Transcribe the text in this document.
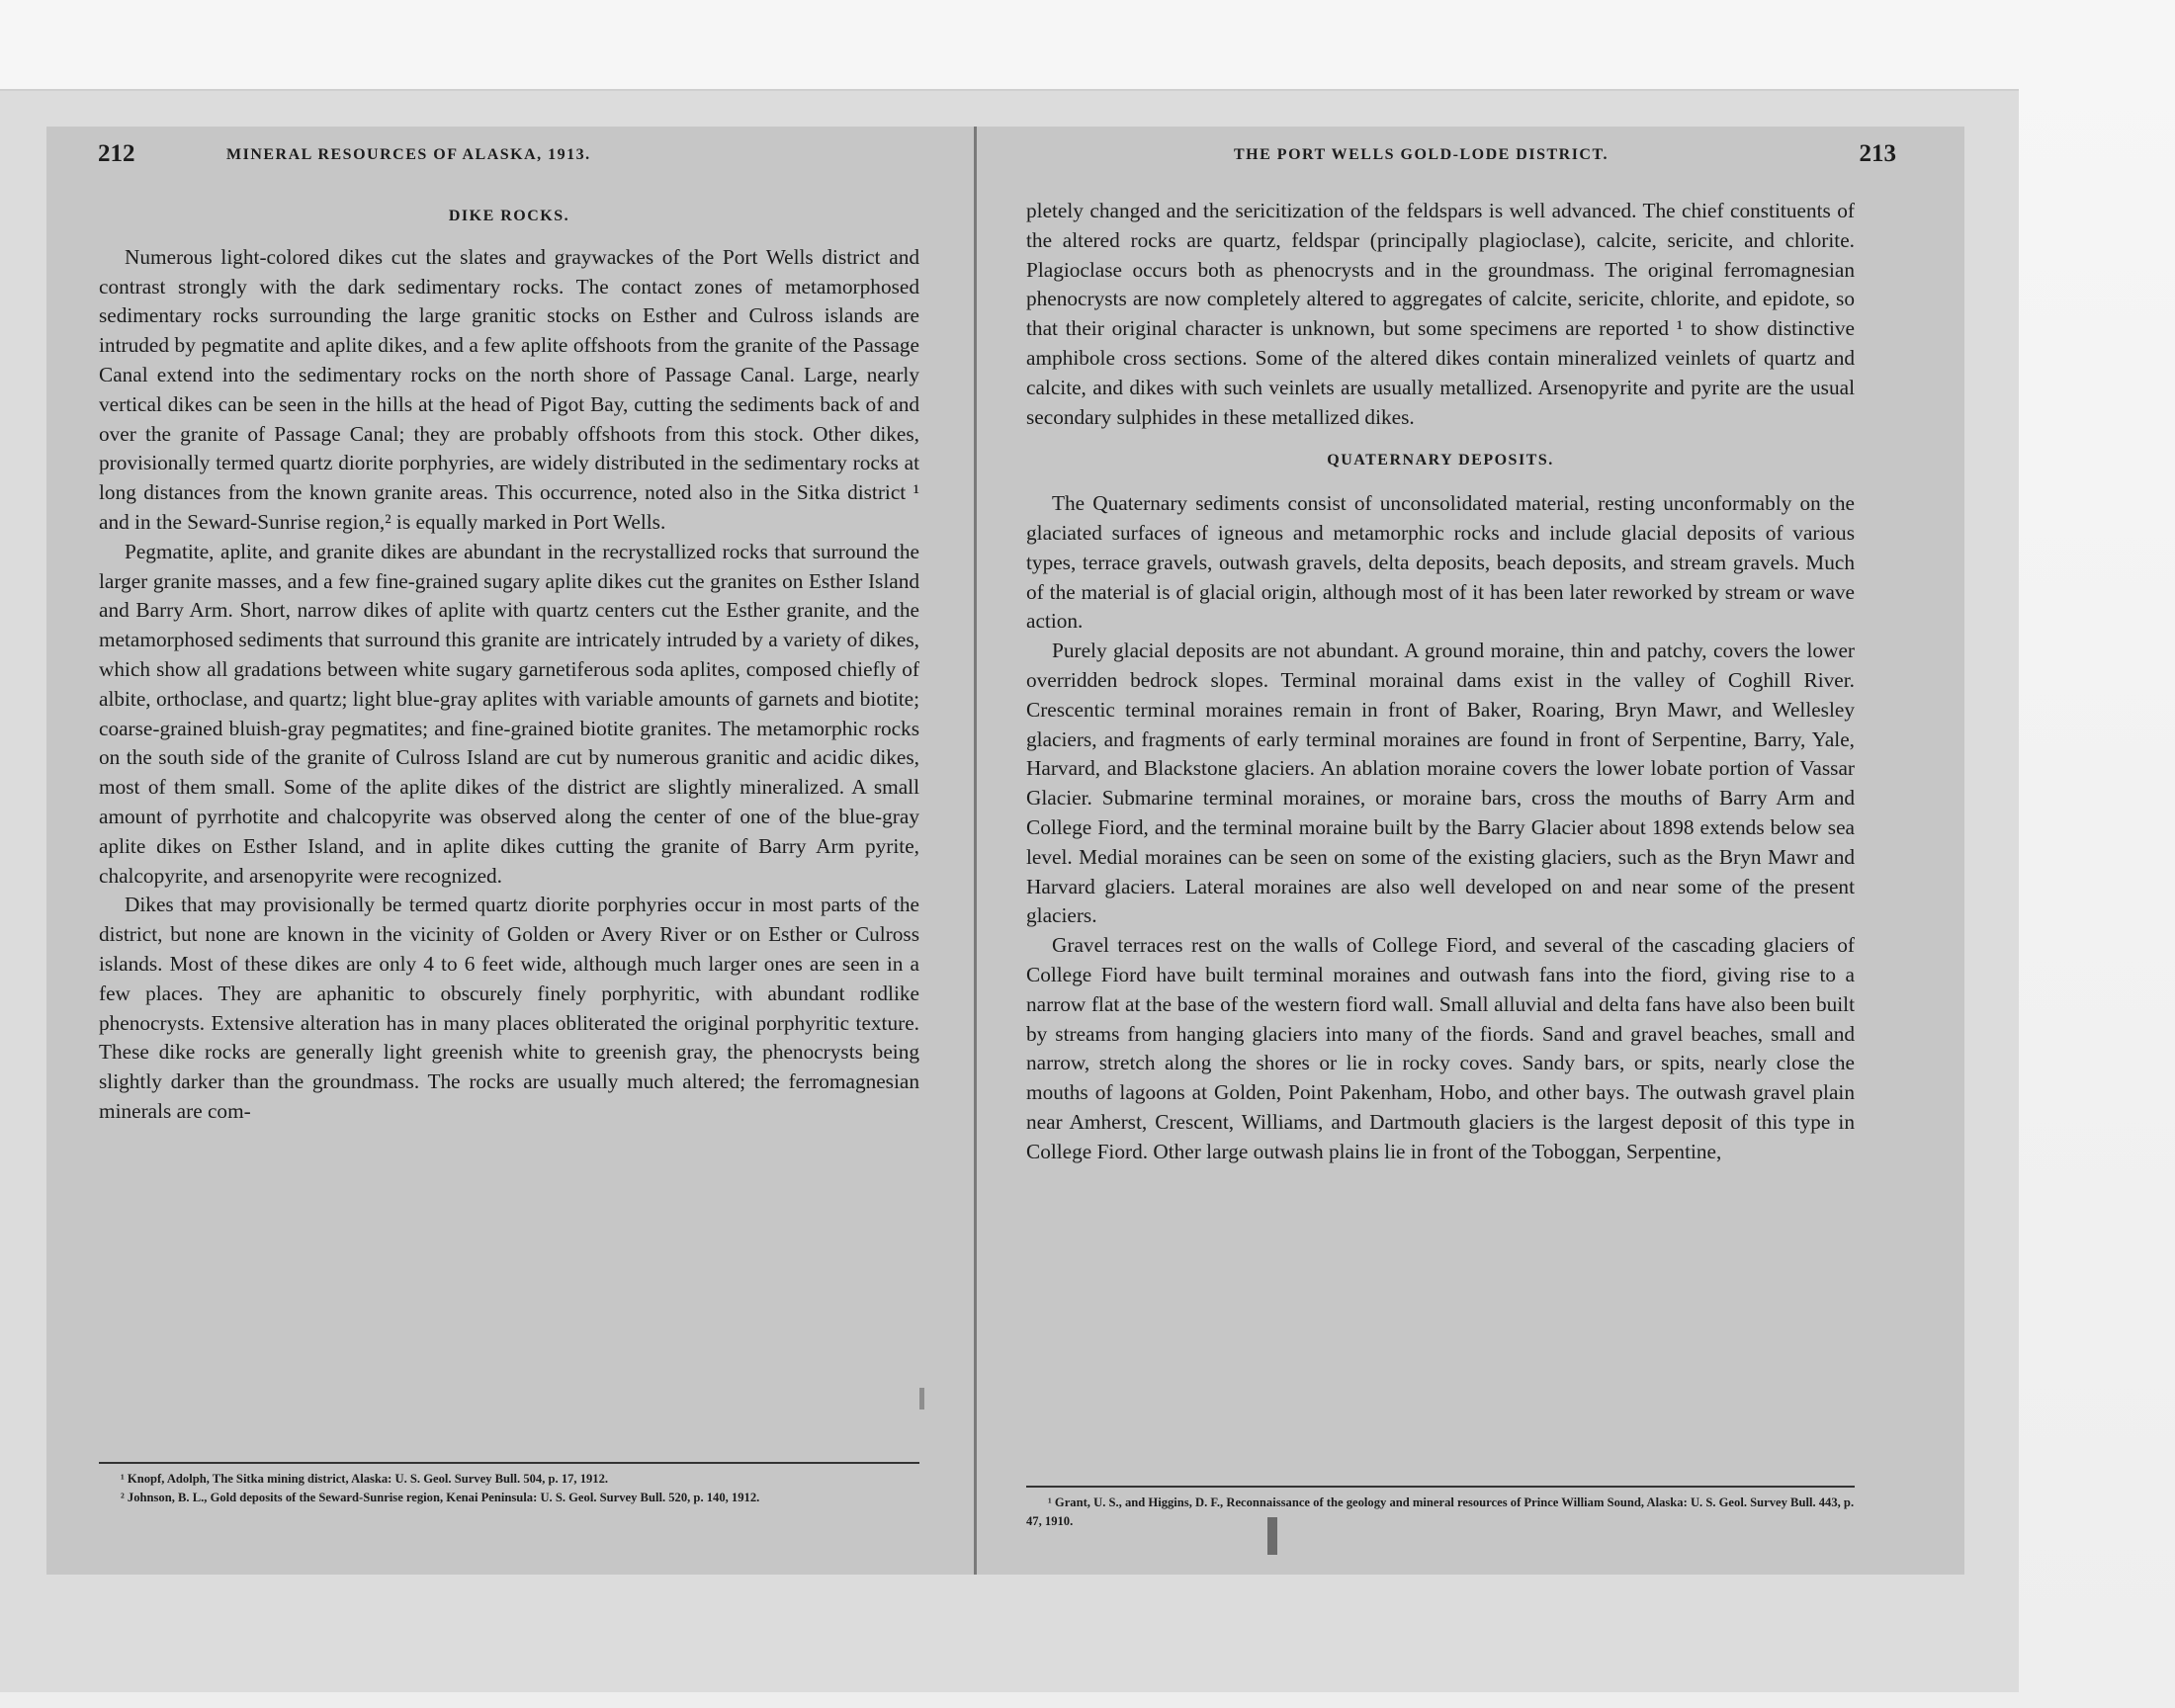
212	MINERAL RESOURCES OF ALASKA, 1913.
DIKE ROCKS.

Numerous light-colored dikes cut the slates and graywackes of the Port Wells district and contrast strongly with the dark sedimentary rocks. The contact zones of metamorphosed sedimentary rocks surrounding the large granitic stocks on Esther and Culross islands are intruded by pegmatite and aplite dikes, and a few aplite offshoots from the granite of the Passage Canal extend into the sedimentary rocks on the north shore of Passage Canal. Large, nearly vertical dikes can be seen in the hills at the head of Pigot Bay, cutting the sediments back of and over the granite of Passage Canal; they are probably offshoots from this stock. Other dikes, provisionally termed quartz diorite porphyries, are widely distributed in the sedimentary rocks at long distances from the known granite areas. This occurrence, noted also in the Sitka district ¹ and in the Seward-Sunrise region,² is equally marked in Port Wells.

Pegmatite, aplite, and granite dikes are abundant in the recrystallized rocks that surround the larger granite masses, and a few fine-grained sugary aplite dikes cut the granites on Esther Island and Barry Arm. Short, narrow dikes of aplite with quartz centers cut the Esther granite, and the metamorphosed sediments that surround this granite are intricately intruded by a variety of dikes, which show all gradations between white sugary garnetiferous soda aplites, composed chiefly of albite, orthoclase, and quartz; light blue-gray aplites with variable amounts of garnets and biotite; coarse-grained bluish-gray pegmatites; and fine-grained biotite granites. The metamorphic rocks on the south side of the granite of Culross Island are cut by numerous granitic and acidic dikes, most of them small. Some of the aplite dikes of the district are slightly mineralized. A small amount of pyrrhotite and chalcopyrite was observed along the center of one of the blue-gray aplite dikes on Esther Island, and in aplite dikes cutting the granite of Barry Arm pyrite, chalcopyrite, and arsenopyrite were recognized.

Dikes that may provisionally be termed quartz diorite porphyries occur in most parts of the district, but none are known in the vicinity of Golden or Avery River or on Esther or Culross islands. Most of these dikes are only 4 to 6 feet wide, although much larger ones are seen in a few places. They are aphanitic to obscurely finely porphyritic, with abundant rodlike phenocrysts. Extensive alteration has in many places obliterated the original porphyritic texture. These dike rocks are generally light greenish white to greenish gray, the phenocrysts being slightly darker than the groundmass. The rocks are usually much altered; the ferromagnesian minerals are com-

¹ Knopf, Adolph, The Sitka mining district, Alaska: U. S. Geol. Survey Bull. 504, p. 17, 1912.
² Johnson, B. L., Gold deposits of the Seward-Sunrise region, Kenai Peninsula: U. S. Geol. Survey Bull. 520, p. 140, 1912.
THE PORT WELLS GOLD-LODE DISTRICT.	213

pletely changed and the sericitization of the feldspars is well advanced. The chief constituents of the altered rocks are quartz, feldspar (principally plagioclase), calcite, sericite, and chlorite. Plagioclase occurs both as phenocrysts and in the groundmass. The original ferromagnesian phenocrysts are now completely altered to aggregates of calcite, sericite, chlorite, and epidote, so that their original character is unknown, but some specimens are reported ¹ to show distinctive amphibole cross sections. Some of the altered dikes contain mineralized veinlets of quartz and calcite, and dikes with such veinlets are usually metallized. Arsenopyrite and pyrite are the usual secondary sulphides in these metallized dikes.

QUATERNARY DEPOSITS.

The Quaternary sediments consist of unconsolidated material, resting unconformably on the glaciated surfaces of igneous and metamorphic rocks and include glacial deposits of various types, terrace gravels, outwash gravels, delta deposits, beach deposits, and stream gravels. Much of the material is of glacial origin, although most of it has been later reworked by stream or wave action.

Purely glacial deposits are not abundant. A ground moraine, thin and patchy, covers the lower overridden bedrock slopes. Terminal morainal dams exist in the valley of Coghill River. Crescentic terminal moraines remain in front of Baker, Roaring, Bryn Mawr, and Wellesley glaciers, and fragments of early terminal moraines are found in front of Serpentine, Barry, Yale, Harvard, and Blackstone glaciers. An ablation moraine covers the lower lobate portion of Vassar Glacier. Submarine terminal moraines, or moraine bars, cross the mouths of Barry Arm and College Fiord, and the terminal moraine built by the Barry Glacier about 1898 extends below sea level. Medial moraines can be seen on some of the existing glaciers, such as the Bryn Mawr and Harvard glaciers. Lateral moraines are also well developed on and near some of the present glaciers.

Gravel terraces rest on the walls of College Fiord, and several of the cascading glaciers of College Fiord have built terminal moraines and outwash fans into the fiord, giving rise to a narrow flat at the base of the western fiord wall. Small alluvial and delta fans have also been built by streams from hanging glaciers into many of the fiords. Sand and gravel beaches, small and narrow, stretch along the shores or lie in rocky coves. Sandy bars, or spits, nearly close the mouths of lagoons at Golden, Point Pakenham, Hobo, and other bays. The outwash gravel plain near Amherst, Crescent, Williams, and Dartmouth glaciers is the largest deposit of this type in College Fiord. Other large outwash plains lie in front of the Toboggan, Serpentine,

¹ Grant, U. S., and Higgins, D. F., Reconnaissance of the geology and mineral resources of Prince William Sound, Alaska: U. S. Geol. Survey Bull. 443, p. 47, 1910.
